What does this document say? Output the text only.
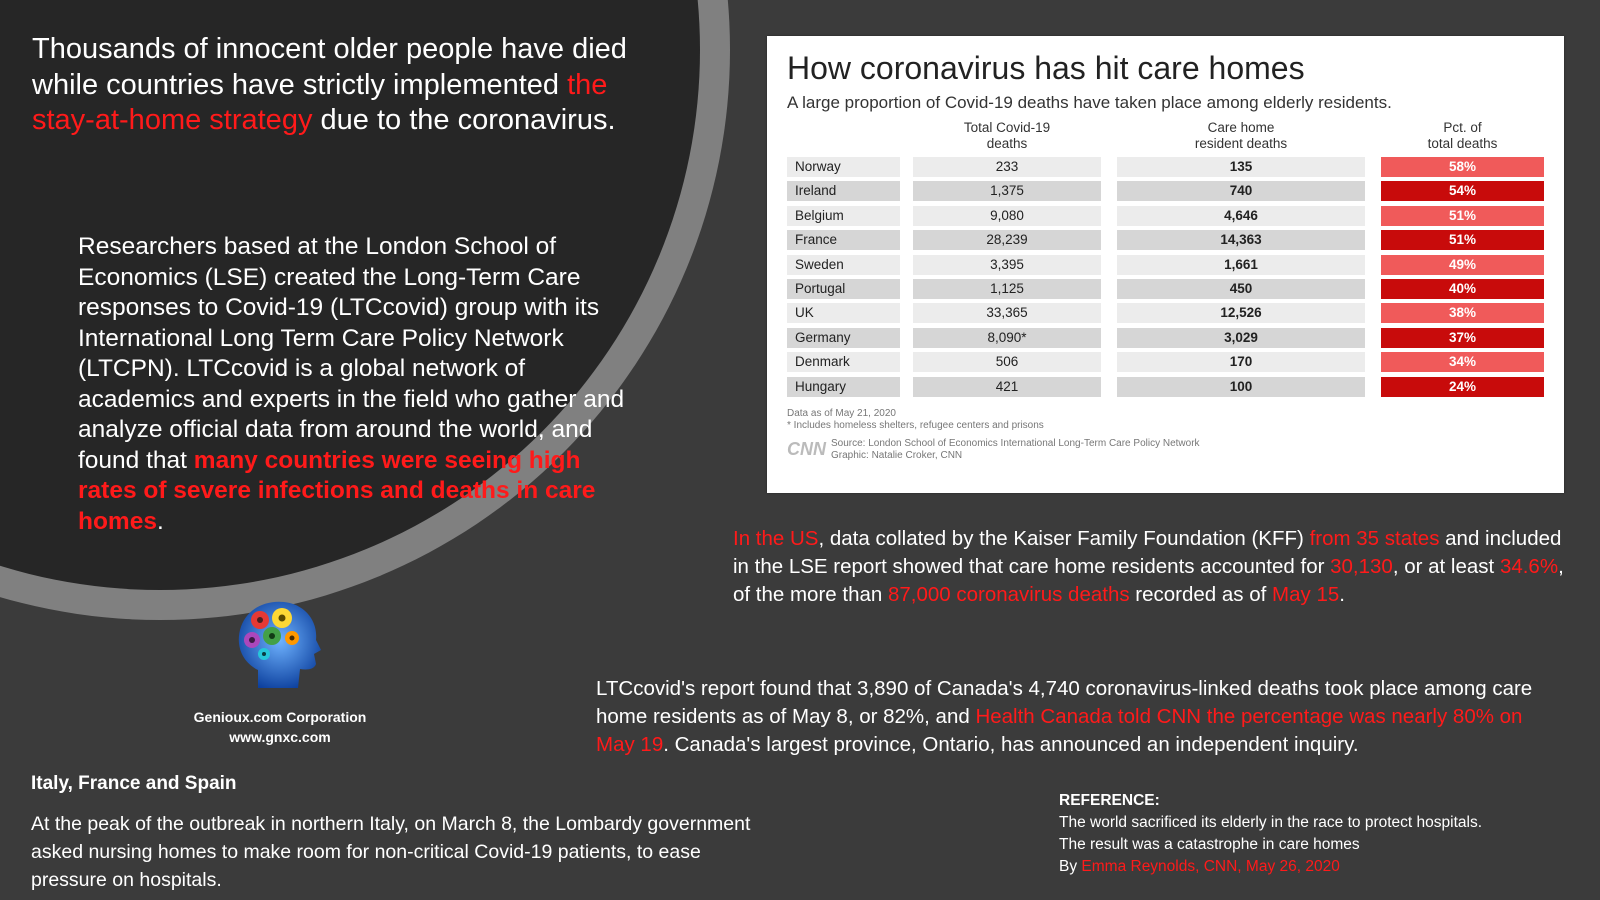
Thousands of innocent older people have died while countries have strictly implemented the stay-at-home strategy due to the coronavirus.

Researchers based at the London School of Economics (LSE) created the Long-Term Care responses to Covid-19 (LTCcovid) group with its International Long Term Care Policy Network (LTCPN). LTCcovid is a global network of academics and experts in the field who gather and analyze official data from around the world, and found that many countries were seeing high rates of severe infections and deaths in care homes.

Genioux.com Corporation
www.gnxc.com
Italy, France and Spain

At the peak of the outbreak in northern Italy, on March 8, the Lombardy government asked nursing homes to make room for non-critical Covid-19 patients, to ease pressure on hospitals.

How coronavirus has hit care homes

A large proportion of Covid-19 deaths have taken place among elderly residents.

Total Covid-19
deaths
Care home
resident deaths
Pct. of
total deaths
Norway	233	135	58%
Ireland	1,375	740	54%
Belgium	9,080	4,646	51%
France	28,239	14,363	51%
Sweden	3,395	1,661	49%
Portugal	1,125	450	40%
UK	33,365	12,526	38%
Germany	8,090*	3,029	37%
Denmark	506	170	34%
Hungary	421	100	24%
Data as of May 21, 2020
* Includes homeless shelters, refugee centers and prisons
CNN Source: London School of Economics International Long-Term Care Policy Network
Graphic: Natalie Croker, CNN

In the US, data collated by the Kaiser Family Foundation (KFF) from 35 states and included in the LSE report showed that care home residents accounted for 30,130, or at least 34.6%, of the more than 87,000 coronavirus deaths recorded as of May 15.

LTCcovid's report found that 3,890 of Canada's 4,740 coronavirus-linked deaths took place among care home residents as of May 8, or 82%, and Health Canada told CNN the percentage was nearly 80% on May 19. Canada's largest province, Ontario, has announced an independent inquiry.

REFERENCE:
The world sacrificed its elderly in the race to protect hospitals.
The result was a catastrophe in care homes
By Emma Reynolds, CNN, May 26, 2020
